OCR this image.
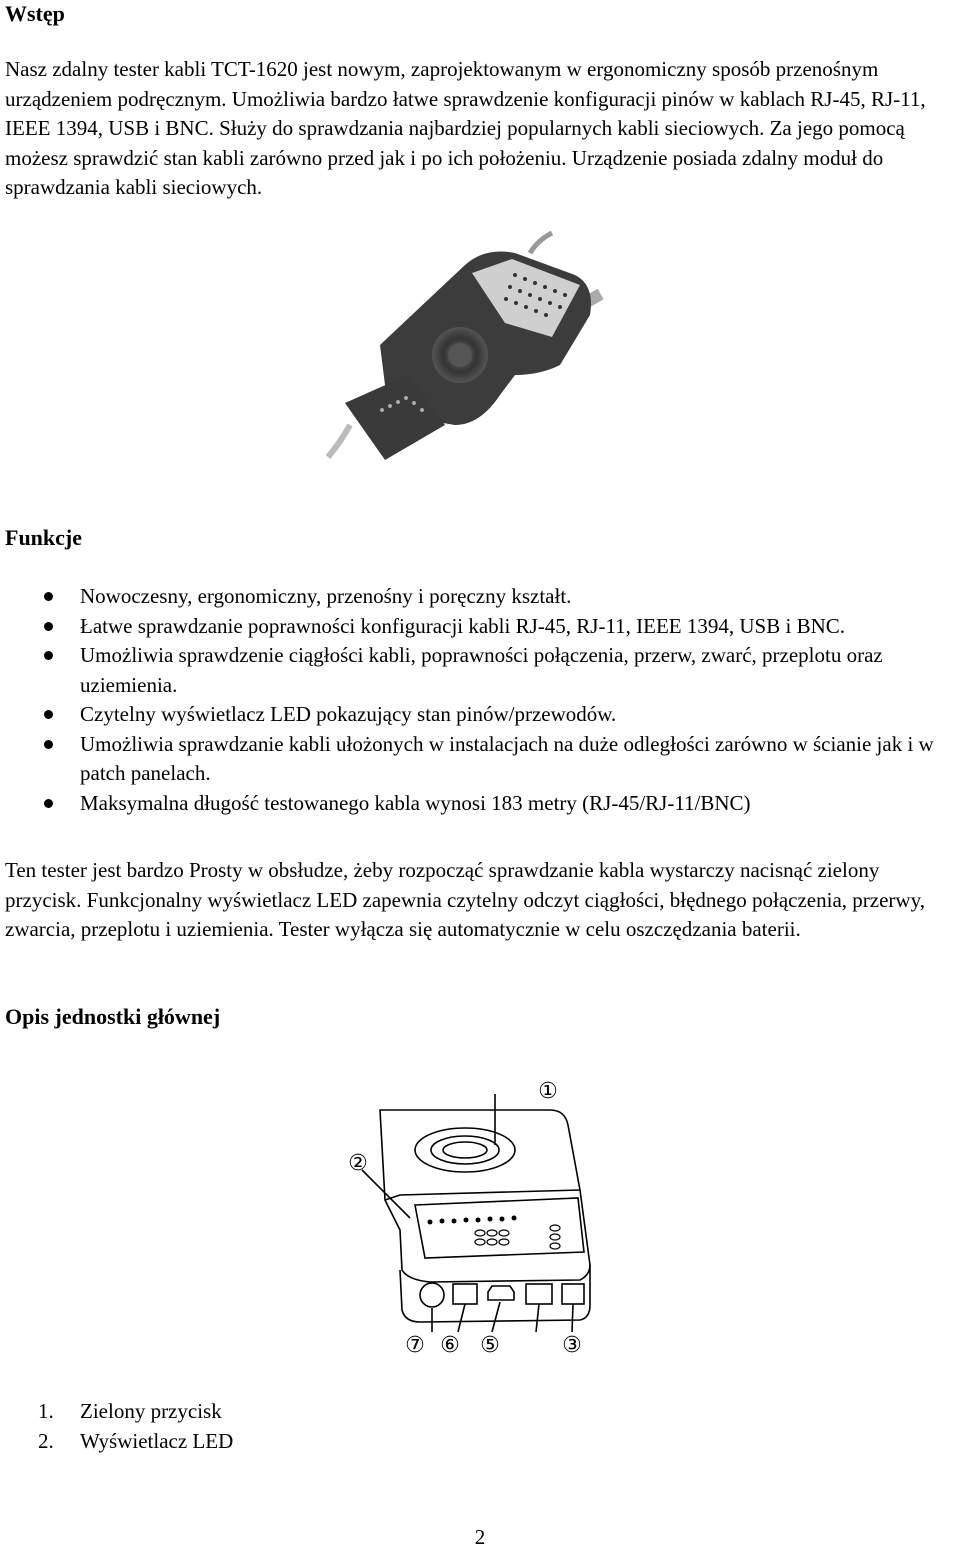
Wstęp

Nasz zdalny tester kabli TCT-1620 jest nowym, zaprojektowanym w ergonomiczny sposób przenośnym urządzeniem podręcznym. Umożliwia bardzo łatwe sprawdzenie konfiguracji pinów w kablach RJ-45, RJ-11, IEEE 1394, USB i BNC. Służy do sprawdzania najbardziej popularnych kabli sieciowych. Za jego pomocą możesz sprawdzić stan kabli zarówno przed jak i po ich położeniu. Urządzenie posiada zdalny moduł do sprawdzania kabli sieciowych.

Funkcje
Nowoczesny, ergonomiczny, przenośny i poręczny kształt.
Łatwe sprawdzanie poprawności konfiguracji kabli RJ-45, RJ-11, IEEE 1394, USB i BNC.
Umożliwia sprawdzenie ciągłości kabli, poprawności połączenia, przerw, zwarć, przeplotu oraz uziemienia.
Czytelny wyświetlacz LED pokazujący stan pinów/przewodów.
Umożliwia sprawdzanie kabli ułożonych w instalacjach na duże odległości zarówno w ścianie jak i w patch panelach.
Maksymalna długość testowanego kabla wynosi 183 metry (RJ-45/RJ-11/BNC)

Ten tester jest bardzo Prosty w obsłudze, żeby rozpocząć sprawdzanie kabla wystarczy nacisnąć zielony przycisk. Funkcjonalny wyświetlacz LED zapewnia czytelny odczyt ciągłości, błędnego połączenia, przerwy, zwarcia, przeplotu i uziemienia. Tester wyłącza się automatycznie w celu oszczędzania baterii.

Opis jednostki głównej
①
②
③
⑤
⑥
⑦
1. Zielony przycisk
2. Wyświetlacz LED
2
